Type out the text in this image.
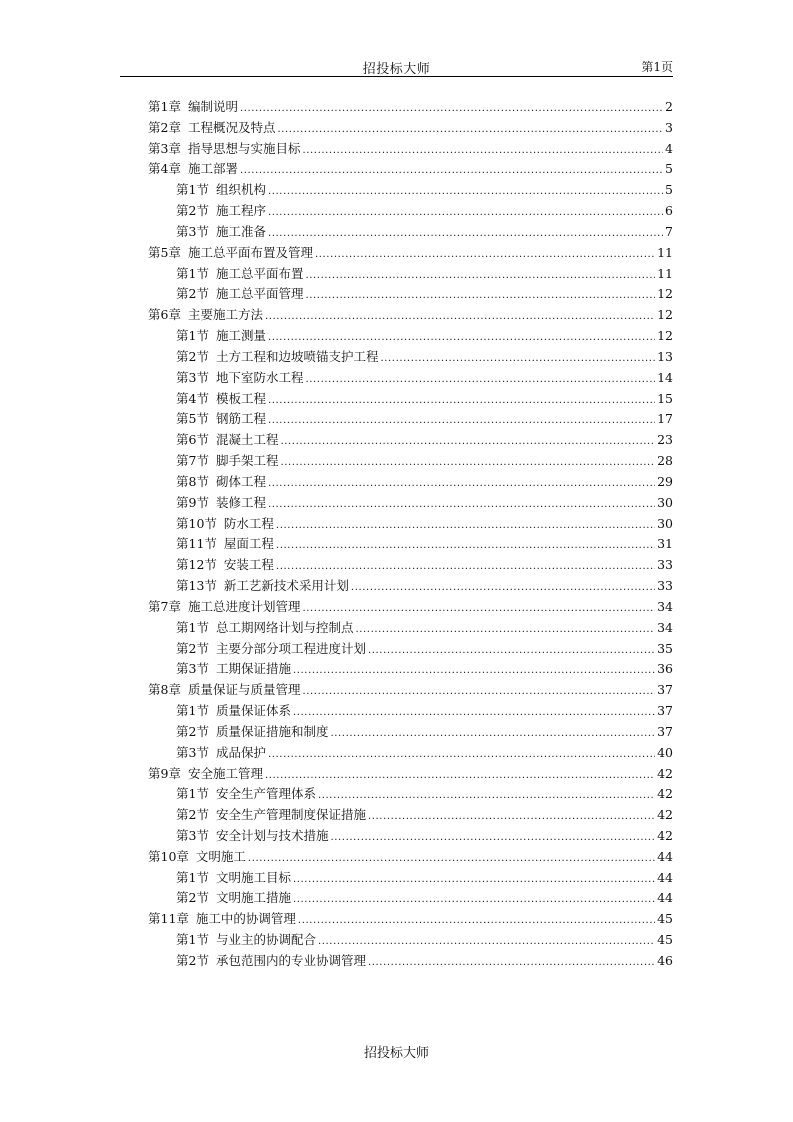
招投标大师	第1页
第1章 编制说明 .....	2
第2章 工程概况及特点 .....	3
第3章 指导思想与实施目标 .....	4
第4章 施工部署 .....	5
第1节 组织机构 .....	5
第2节 施工程序 .....	6
第3节 施工准备 .....	7
第5章 施工总平面布置及管理 .....	11
第1节 施工总平面布置 .....	11
第2节 施工总平面管理 .....	12
第6章 主要施工方法 .....	12
第1节 施工测量 .....	12
第2节 土方工程和边坡喷锚支护工程 .....	13
第3节 地下室防水工程 .....	14
第4节 模板工程 .....	15
第5节 钢筋工程 .....	17
第6节 混凝土工程 .....	23
第7节 脚手架工程 .....	28
第8节 砌体工程 .....	29
第9节 装修工程 .....	30
第10节 防水工程 .....	30
第11节 屋面工程 .....	31
第12节 安装工程 .....	33
第13节 新工艺新技术采用计划 .....	33
第7章 施工总进度计划管理 .....	34
第1节 总工期网络计划与控制点 .....	34
第2节 主要分部分项工程进度计划 .....	35
第3节 工期保证措施 .....	36
第8章 质量保证与质量管理 .....	37
第1节 质量保证体系 .....	37
第2节 质量保证措施和制度 .....	37
第3节 成品保护 .....	40
第9章 安全施工管理 .....	42
第1节 安全生产管理体系 .....	42
第2节 安全生产管理制度保证措施 .....	42
第3节 安全计划与技术措施 .....	42
第10章 文明施工 .....	44
第1节 文明施工目标 .....	44
第2节 文明施工措施 .....	44
第11章 施工中的协调管理 .....	45
第1节 与业主的协调配合 .....	45
第2节 承包范围内的专业协调管理 .....	46
招投标大师
